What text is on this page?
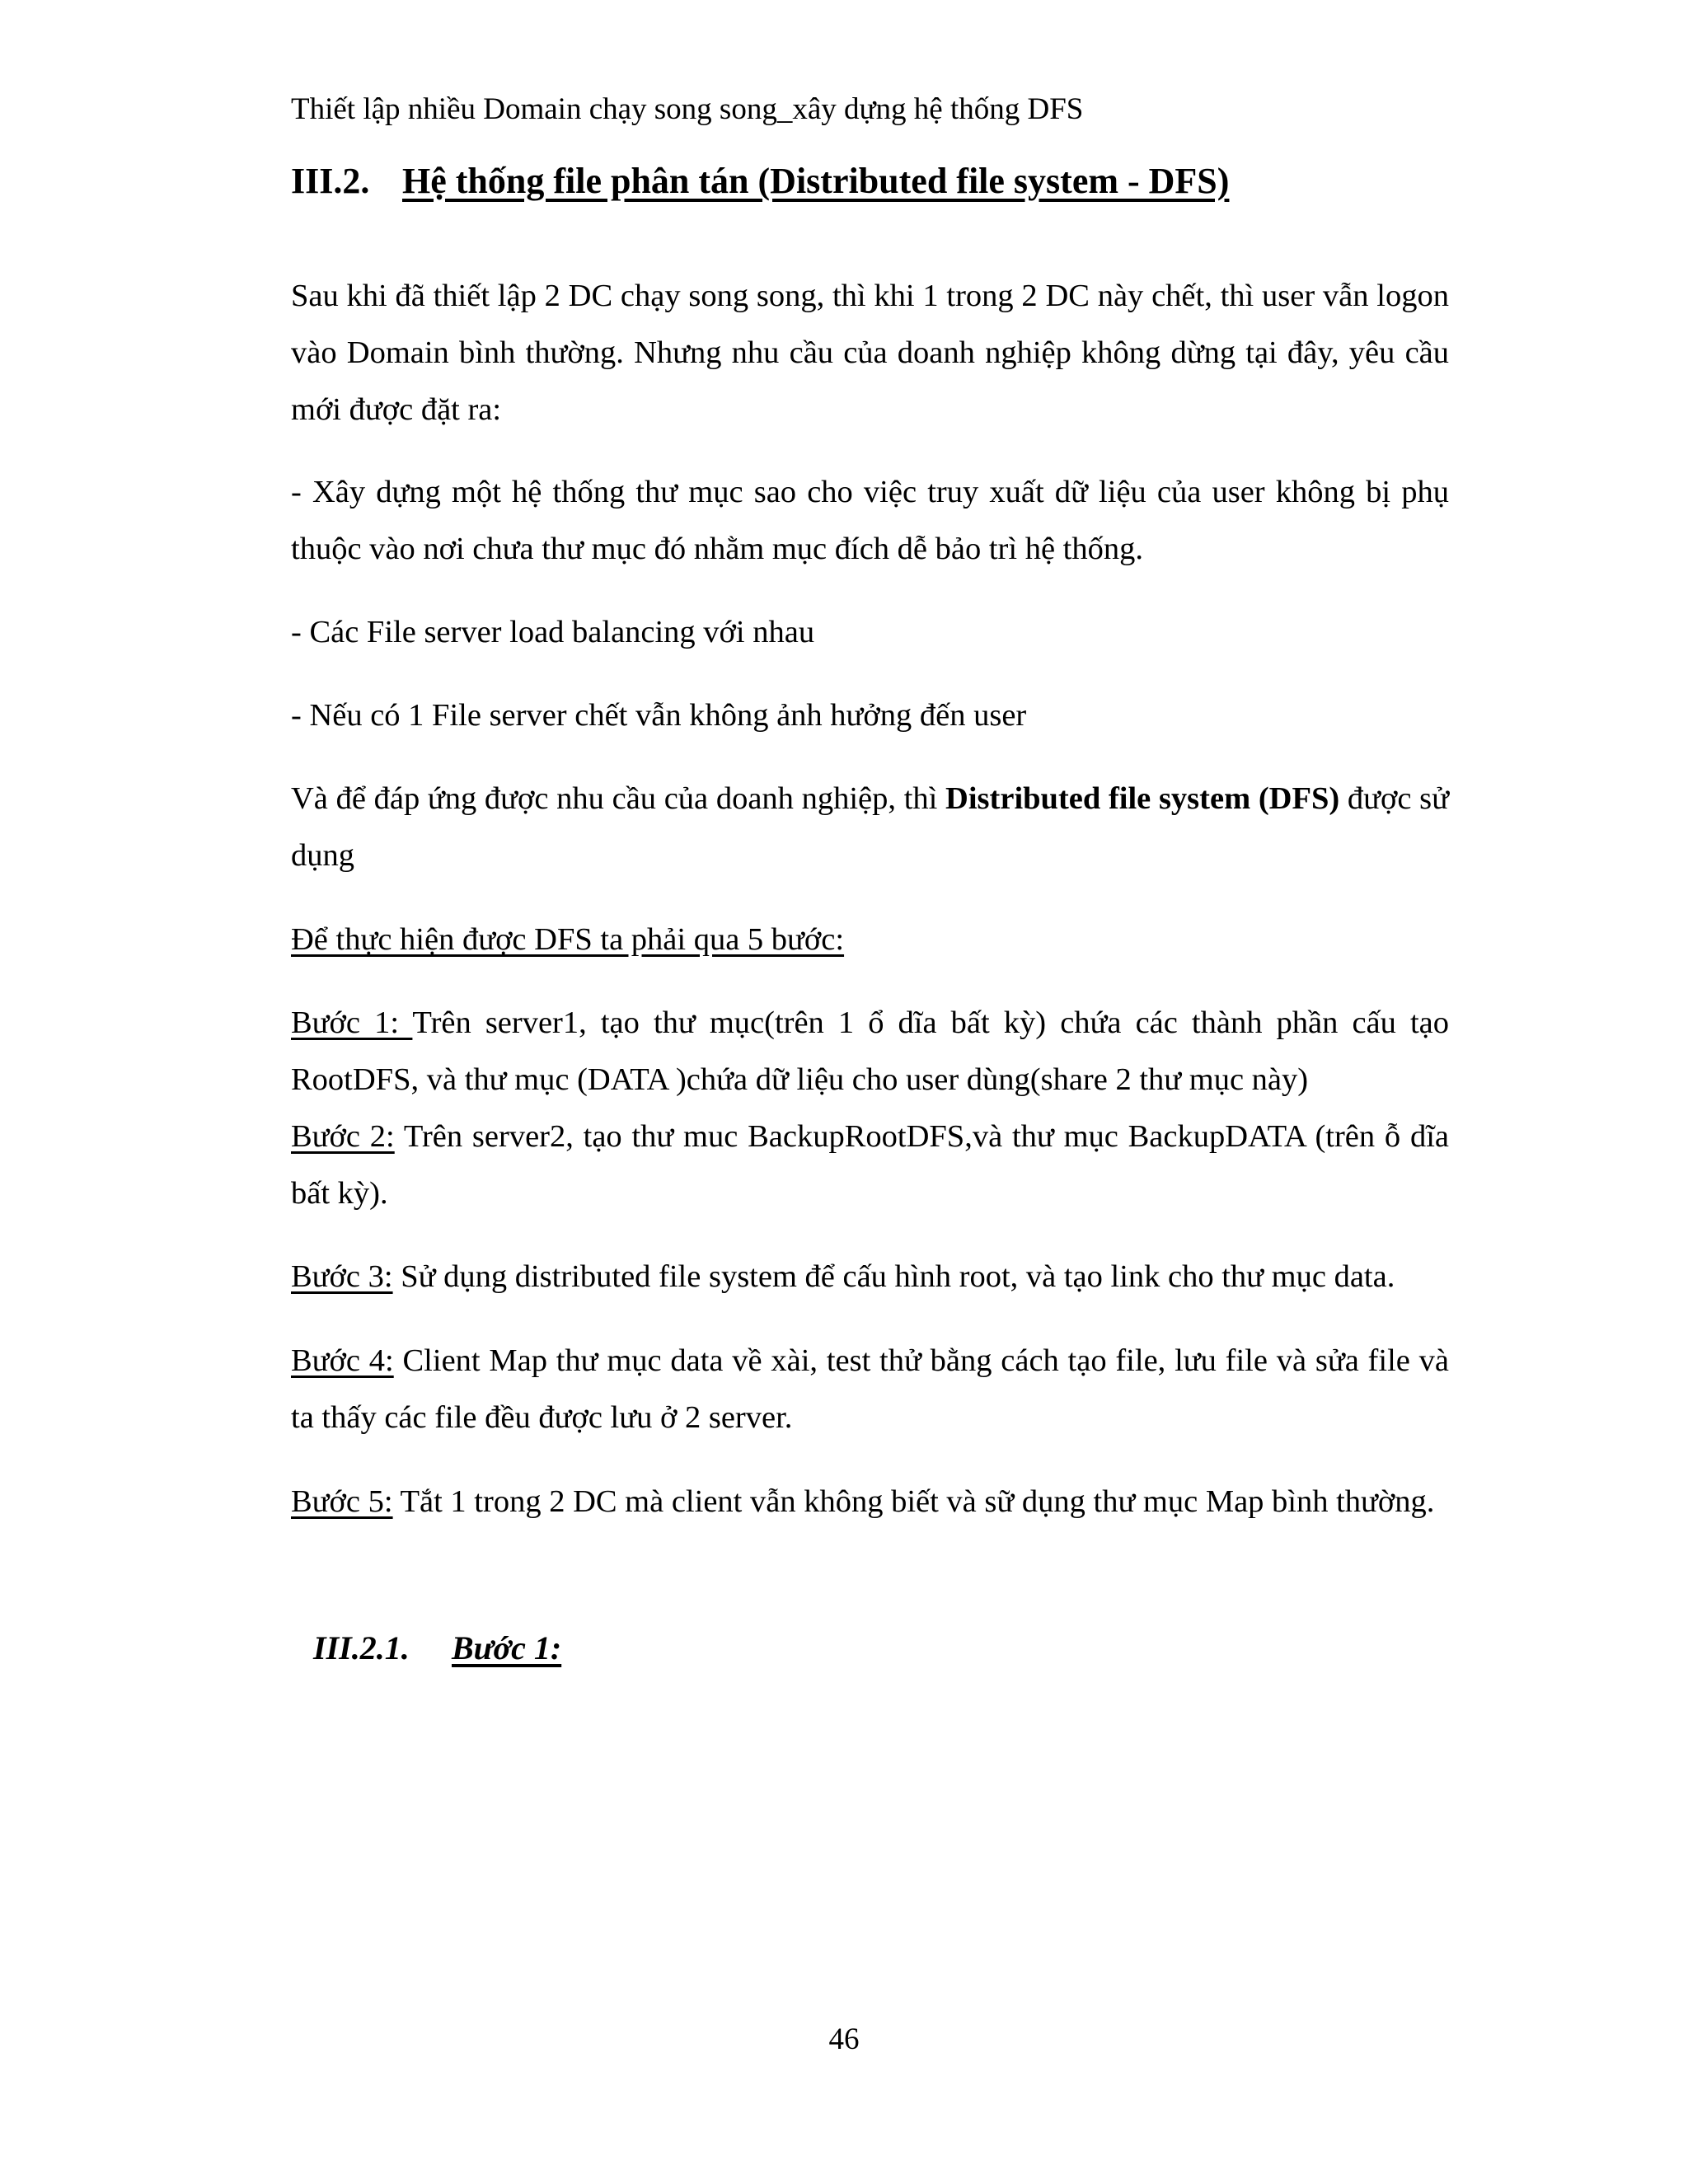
Thiết lập nhiều Domain chạy song song_xây dựng hệ thống DFS
III.2. Hệ thống file phân tán (Distributed file system - DFS)

Sau khi đã thiết lập 2 DC chạy song song, thì khi 1 trong 2 DC này chết, thì user vẫn logon vào Domain bình thường. Nhưng nhu cầu của doanh nghiệp không dừng tại đây, yêu cầu mới được đặt ra:

- Xây dựng một hệ thống thư mục sao cho việc truy xuất dữ liệu của user không bị phụ thuộc vào nơi chưa thư mục đó nhằm mục đích dễ bảo trì hệ thống.

- Các File server load balancing với nhau

- Nếu có 1 File server chết vẫn không ảnh hưởng đến user

Và để đáp ứng được nhu cầu của doanh nghiệp, thì Distributed file system (DFS) được sử dụng

Để thực hiện được DFS ta phải qua 5 bước:

Bước 1: Trên server1, tạo thư mục(trên 1 ổ dĩa bất kỳ) chứa các thành phần cấu tạo RootDFS, và thư mục (DATA )chứa dữ liệu cho user dùng(share 2 thư mục này)

Bước 2: Trên server2, tạo thư muc BackupRootDFS,và thư mục BackupDATA (trên ỗ dĩa bất kỳ).

Bước 3: Sử dụng distributed file system để cấu hình root, và tạo link cho thư mục data.

Bước 4: Client Map thư mục data về xài, test thử bằng cách tạo file, lưu file và sửa file và ta thấy các file đều được lưu ở 2 server.

Bước 5: Tắt 1 trong 2 DC mà client vẫn không biết và sữ dụng thư mục Map bình thường.

III.2.1. Bước 1:
46
